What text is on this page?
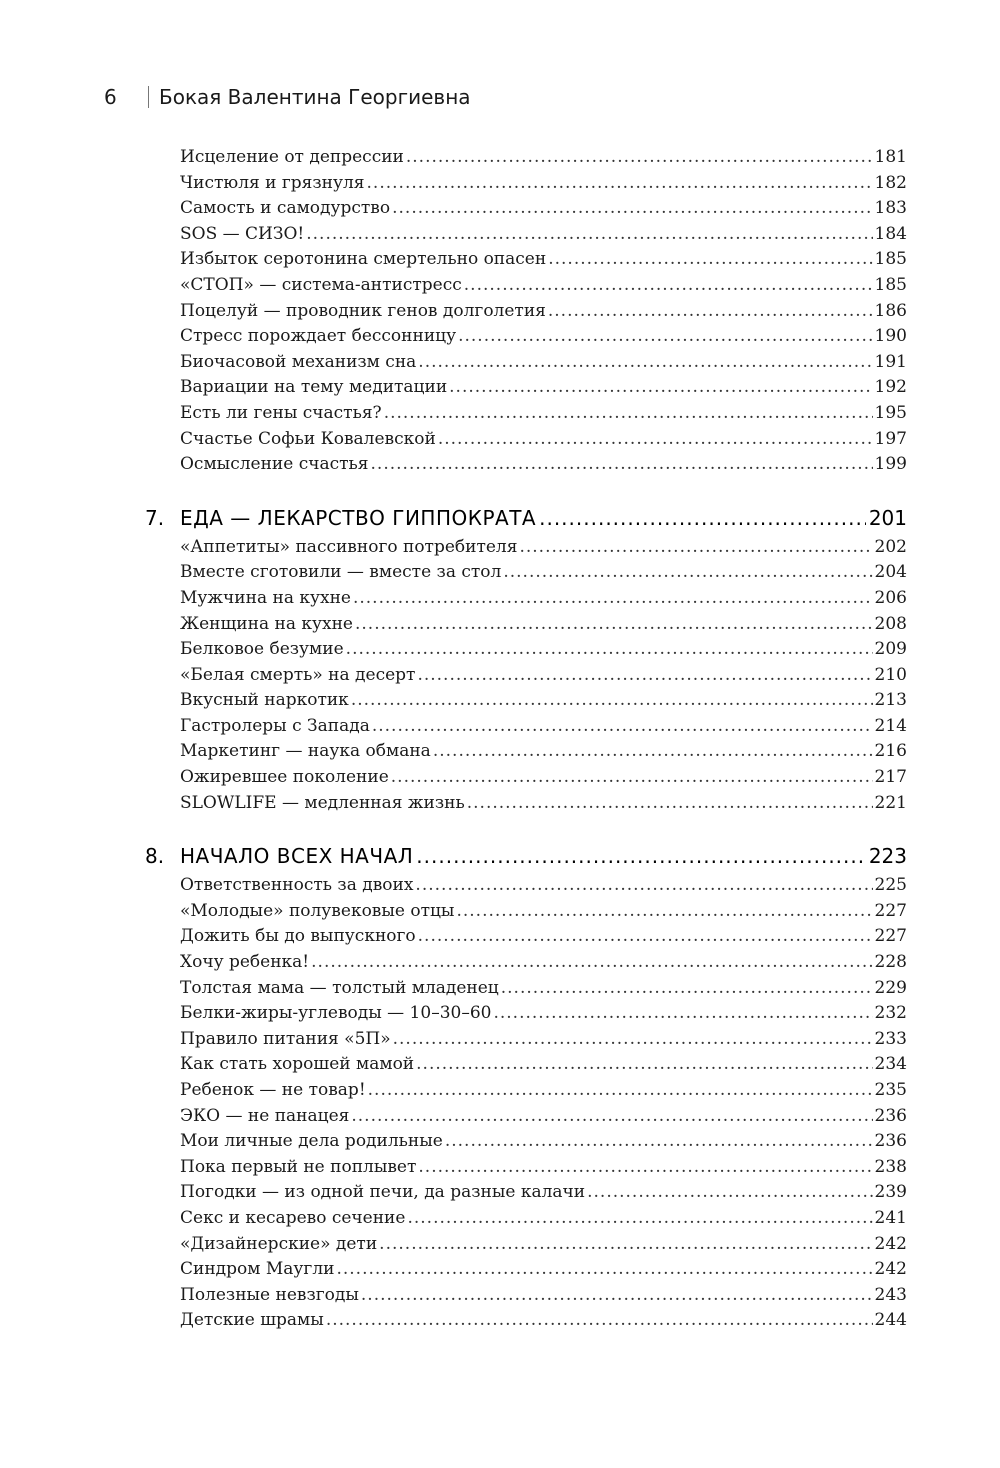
6	Бокая Валентина Георгиевна
Исцеление от депрессии .....	181
Чистюля и грязнуля .....	182
Самость и самодурство .....	183
SOS — СИЗО! .....	184
Избыток серотонина смертельно опасен .....	185
«СТОП» — система-антистресс .....	185
Поцелуй — проводник генов долголетия .....	186
Стресс порождает бессонницу .....	190
Биочасовой механизм сна .....	191
Вариации на тему медитации .....	192
Есть ли гены счастья? .....	195
Счастье Софьи Ковалевской .....	197
Осмысление счастья .....	199
7. ЕДА — ЛЕКАРСТВО ГИППОКРАТА .....	201
«Аппетиты» пассивного потребителя .....	202
Вместе сготовили — вместе за стол .....	204
Мужчина на кухне .....	206
Женщина на кухне .....	208
Белковое безумие .....	209
«Белая смерть» на десерт .....	210
Вкусный наркотик .....	213
Гастролеры с Запада .....	214
Маркетинг — наука обмана .....	216
Ожиревшее поколение .....	217
SLOWLIFE — медленная жизнь .....	221
8. НАЧАЛО ВСЕХ НАЧАЛ .....	223
Ответственность за двоих .....	225
«Молодые» полувековые отцы .....	227
Дожить бы до выпускного .....	227
Хочу ребенка! .....	228
Толстая мама — толстый младенец .....	229
Белки-жиры-углеводы — 10–30–60 .....	232
Правило питания «5П» .....	233
Как стать хорошей мамой .....	234
Ребенок — не товар! .....	235
ЭКО — не панацея .....	236
Мои личные дела родильные .....	236
Пока первый не поплывет .....	238
Погодки — из одной печи, да разные калачи .....	239
Секс и кесарево сечение .....	241
«Дизайнерские» дети .....	242
Синдром Маугли .....	242
Полезные невзгоды .....	243
Детские шрамы .....	244
